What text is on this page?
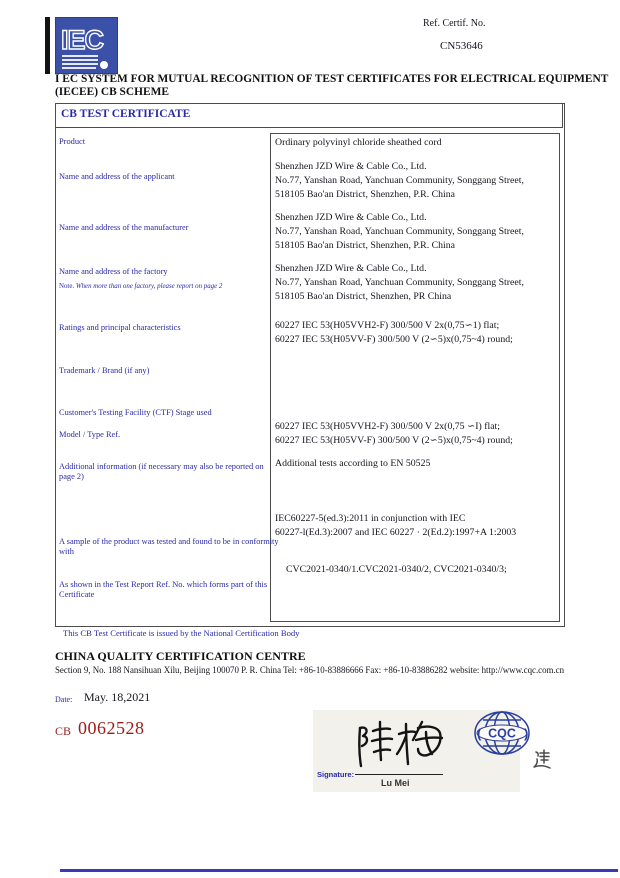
IEC
Ref. Certif. No.
CN53646
I EC SYSTEM FOR MUTUAL RECOGNITION OF TEST CERTIFICATES FOR ELECTRICAL EQUIPMENT
(IECEE) CB SCHEME
CB TEST CERTIFICATE
Product
Name and address of the applicant
Name and address of the manufacturer
Name and address of the factory
Note. When more than one factory, please report on page 2
Ratings and principal characteristics
Trademark / Brand (if any)
Customer's Testing Facility (CTF) Stage used
Model / Type Ref.
Additional information (if necessary may also be reported on page 2)
A sample of the product was tested and found to be in conformity with
As shown in the Test Report Ref. No. which forms part of this Certificate
Ordinary polyvinyl chloride sheathed cord
Shenzhen JZD Wire & Cable Co., Ltd.
No.77, Yanshan Road, Yanchuan Community, Songgang Street,
518105 Bao'an District, Shenzhen, P.R. China
Shenzhen JZD Wire & Cable Co., Ltd.
No.77, Yanshan Road, Yanchuan Community, Songgang Street,
518105 Bao'an District, Shenzhen, P.R. China
Shenzhen JZD Wire & Cable Co., Ltd.
No.77, Yanshan Road, Yanchuan Community, Songgang Street,
518105 Bao'an District, Shenzhen, PR China
60227 IEC 53(H05VVH2-F) 300/500 V 2x(0,75∽1) flat;
60227 IEC 53(H05VV-F) 300/500 V (2∽5)x(0,75~4) round;
60227 IEC 53(H05VVH2-F) 300/500 V 2x(0,75 ∽I) flat;
60227 IEC 53(H05VV-F) 300/500 V (2∽5)x(0,75~4) round;
Additional tests according to EN 50525
IEC60227-5(ed.3):2011 in conjunction with IEC
60227-l(Ed.3):2007 and IEC 60227 · 2(Ed.2):1997+A 1:2003
CVC2021-0340/1.CVC2021-0340/2, CVC2021-0340/3;
This CB Test Certificate is issued by the National Certification Body
CHINA QUALITY CERTIFICATION CENTRE
Section 9, No. 188 Nansihuan Xilu, Beijing 100070 P. R. China Tel: +86-10-83886666 Fax: +86-10-83886282 website: http://www.cqc.com.cn
Date: May. 18,2021
CB 0062528
Signature:
Lu Mei
CQC
(	)
